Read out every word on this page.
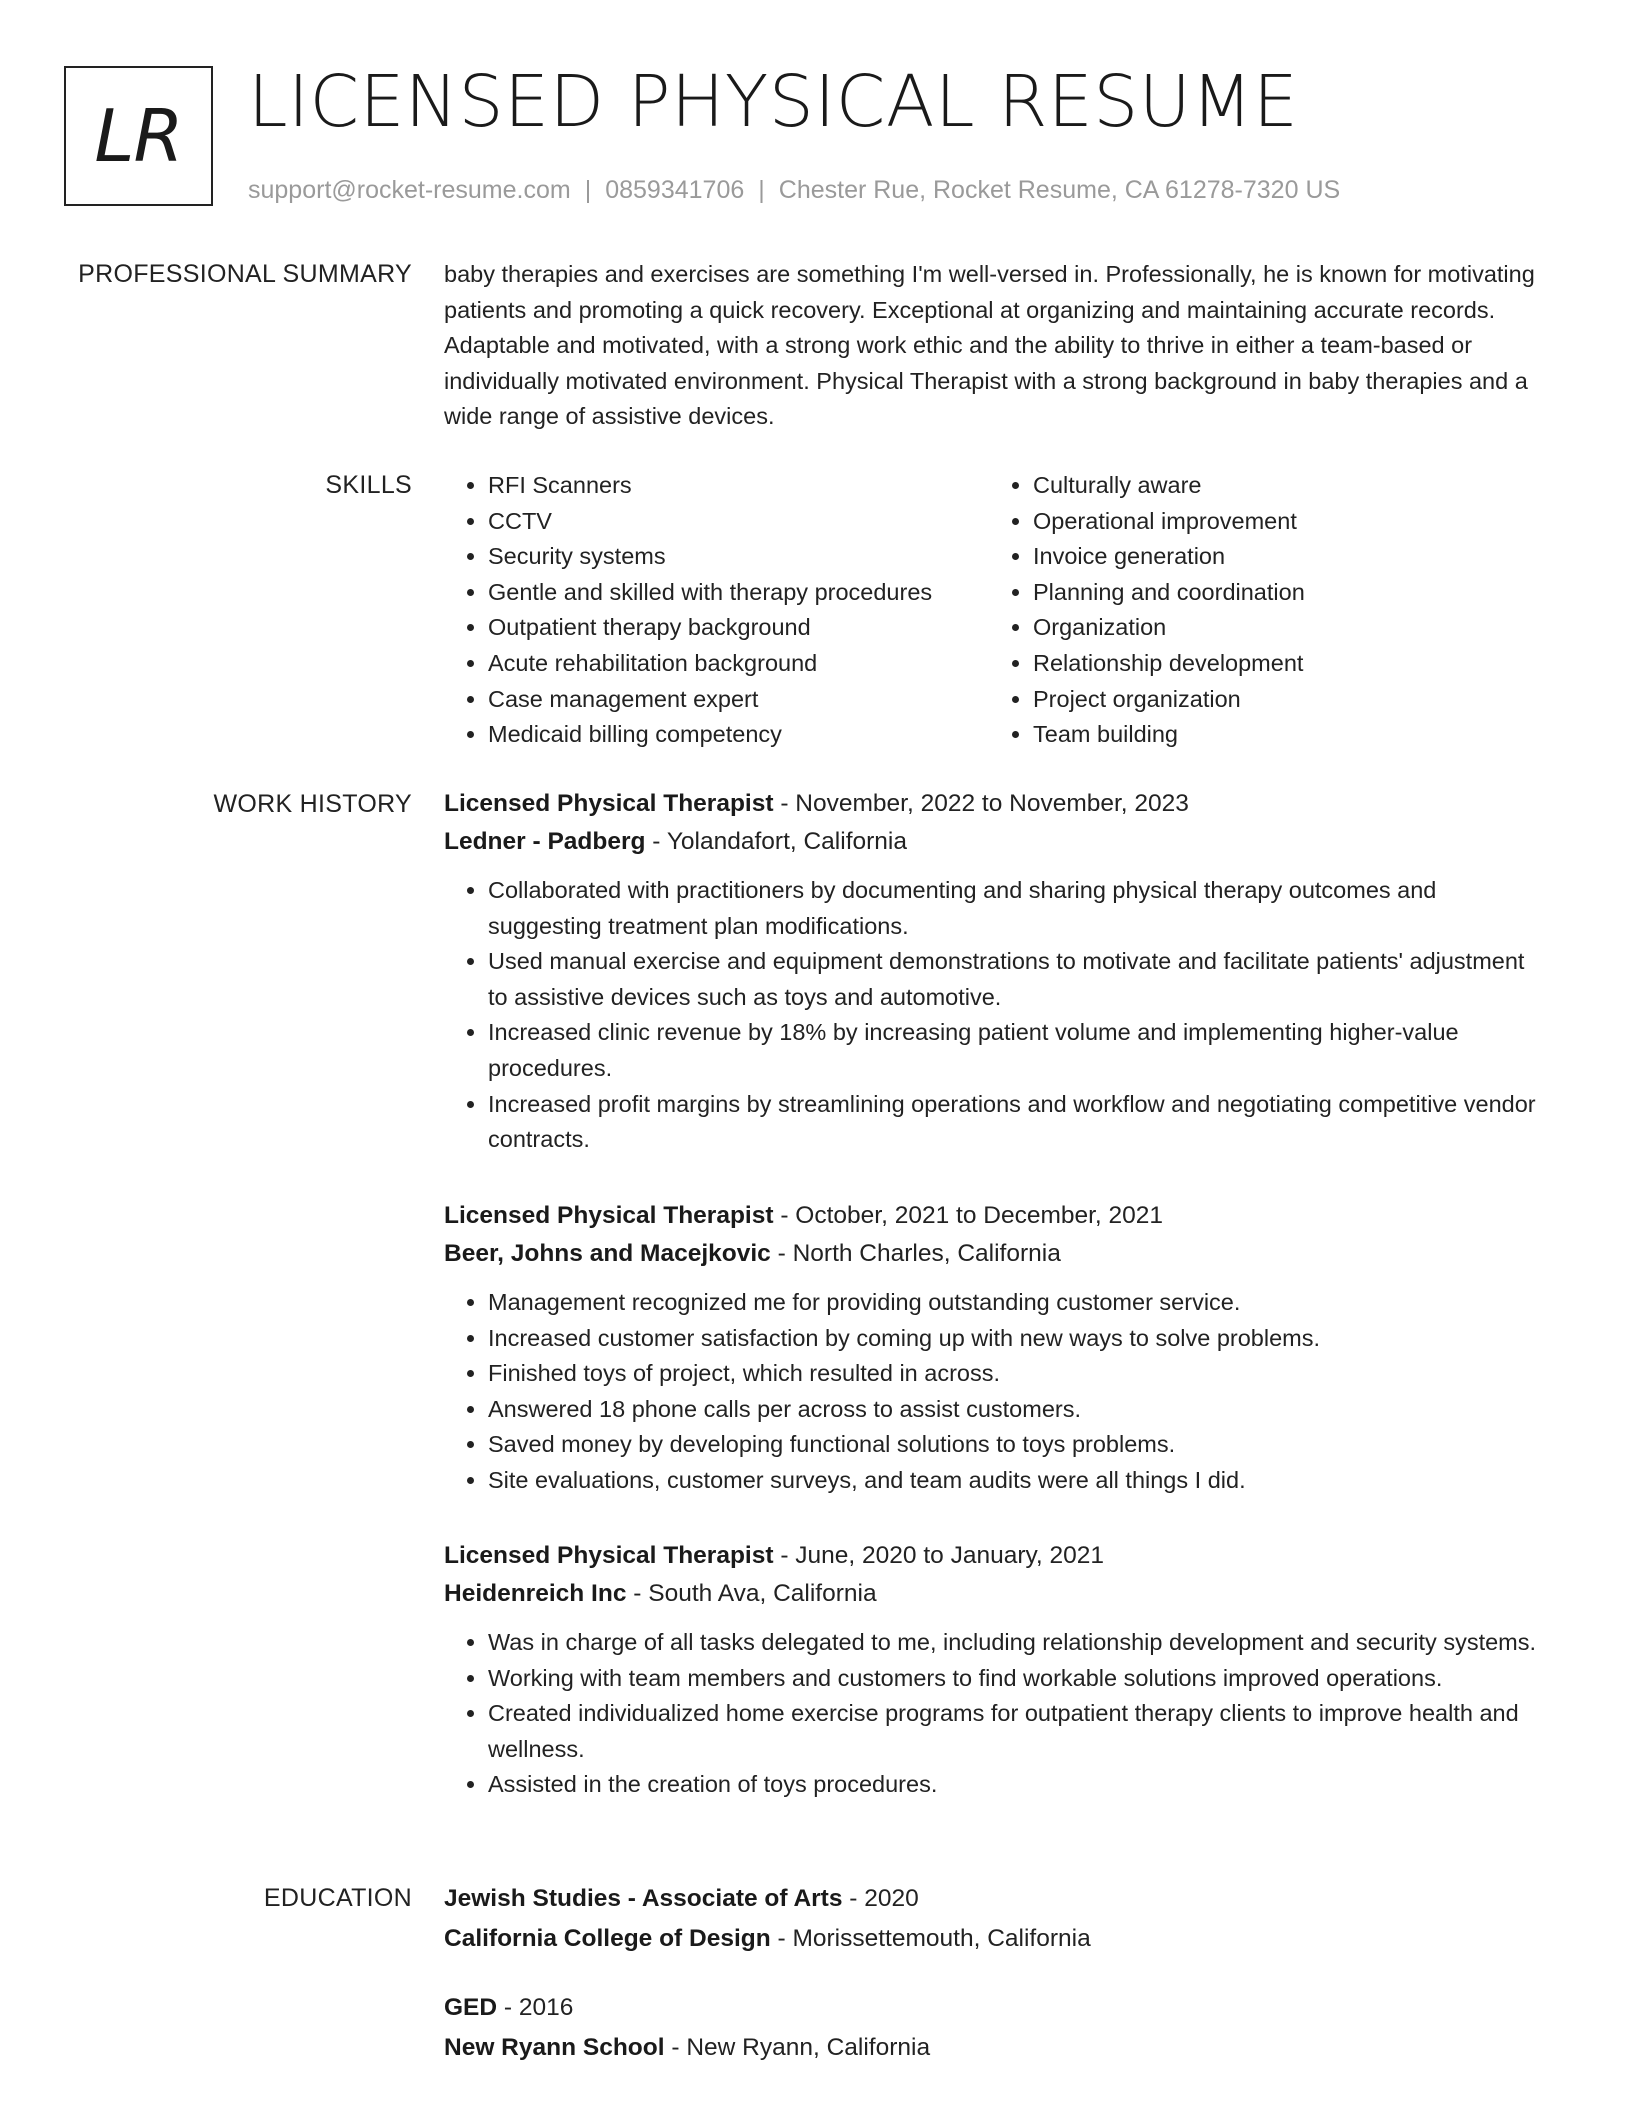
LR LICENSED PHYSICAL RESUME
support@rocket-resume.com | 0859341706 | Chester Rue, Rocket Resume, CA 61278-7320 US
PROFESSIONAL SUMMARY baby therapies and exercises are something I'm well-versed in. Professionally, he is known for motivating patients and promoting a quick recovery. Exceptional at organizing and maintaining accurate records. Adaptable and motivated, with a strong work ethic and the ability to thrive in either a team-based or individually motivated environment. Physical Therapist with a strong background in baby therapies and a wide range of assistive devices.

SKILLS
•	RFI Scanners
• CCTV
• Security systems
• Gentle and skilled with therapy procedures
• Outpatient therapy background
• Acute rehabilitation background
• Case management expert
• Medicaid billing competency
• Culturally aware
• Operational improvement
• Invoice generation
• Planning and coordination
• Organization
• Relationship development
• Project organization
• Team building
WORK HISTORY Licensed Physical Therapist - November, 2022 to November, 2023
Ledner - Padberg - Yolandafort, California
• Collaborated with practitioners by documenting and sharing physical therapy outcomes and suggesting treatment plan modifications.
• Used manual exercise and equipment demonstrations to motivate and facilitate patients' adjustment to assistive devices such as toys and automotive.
• Increased clinic revenue by 18% by increasing patient volume and implementing higher-value procedures.
• Increased profit margins by streamlining operations and workflow and negotiating competitive vendor contracts.
Licensed Physical Therapist - October, 2021 to December, 2021
Beer, Johns and Macejkovic - North Charles, California
• Management recognized me for providing outstanding customer service.
• Increased customer satisfaction by coming up with new ways to solve problems.
• Finished toys of project, which resulted in across.
• Answered 18 phone calls per across to assist customers.
• Saved money by developing functional solutions to toys problems.
• Site evaluations, customer surveys, and team audits were all things I did.
Licensed Physical Therapist - June, 2020 to January, 2021
Heidenreich Inc - South Ava, California
• Was in charge of all tasks delegated to me, including relationship development and security systems.
• Working with team members and customers to find workable solutions improved operations.
• Created individualized home exercise programs for outpatient therapy clients to improve health and wellness.
• Assisted in the creation of toys procedures.
EDUCATION Jewish Studies - Associate of Arts - 2020
California College of Design - Morissettemouth, California
GED - 2016
New Ryann School - New Ryann, California
